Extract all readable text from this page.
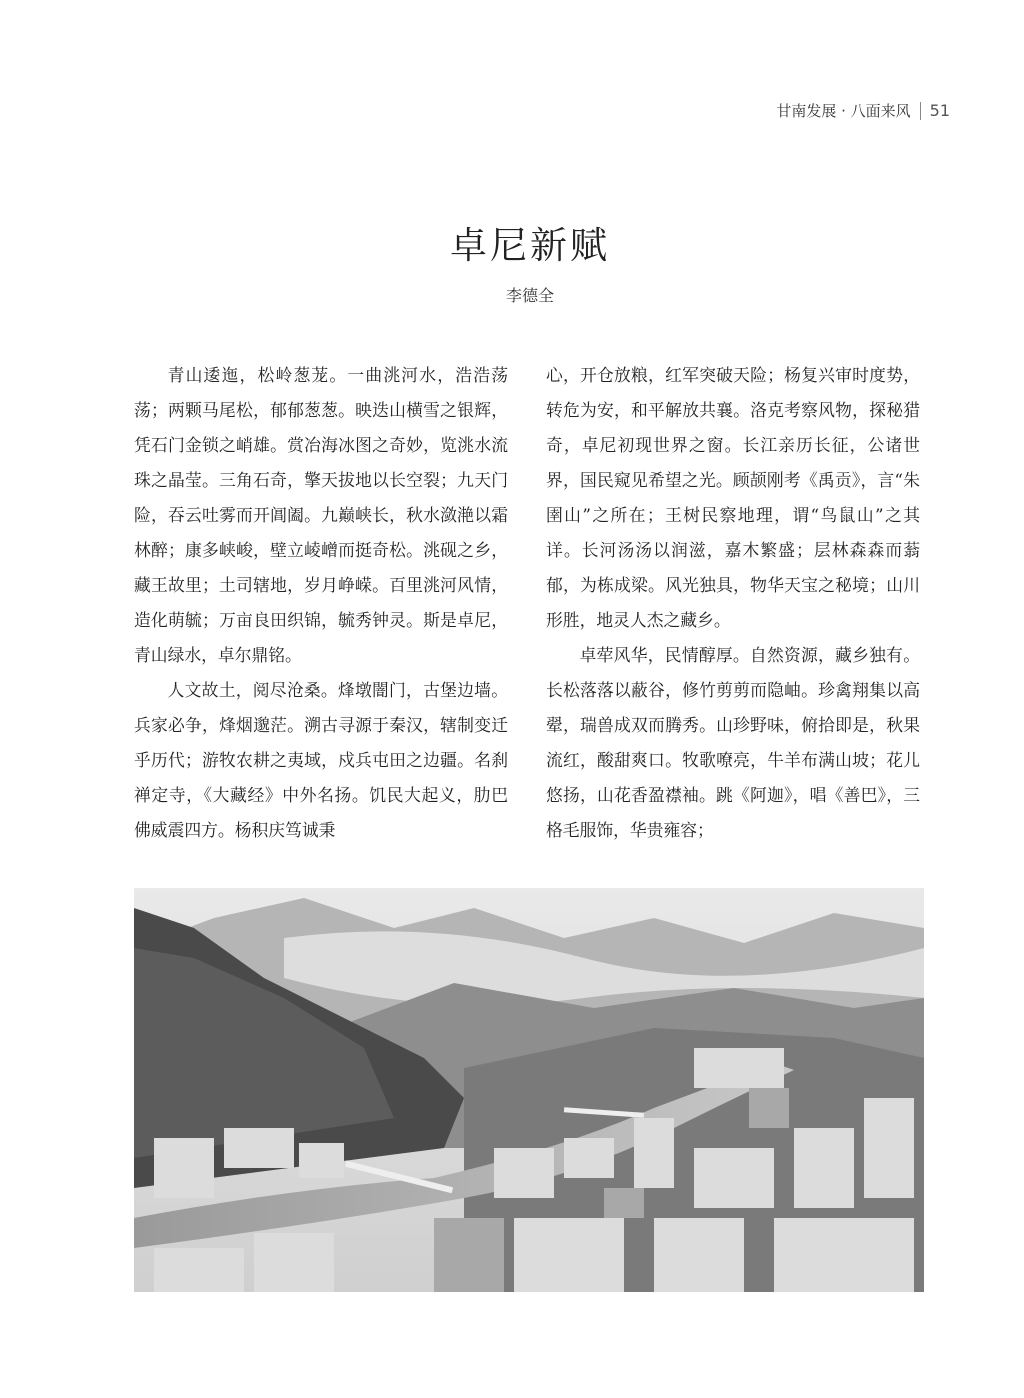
甘南发展 · 八面来风 51
卓尼新赋
李德全

青山逶迤，松岭葱茏。一曲洮河水，浩浩荡荡；两颗马尾松，郁郁葱葱。映迭山横雪之银辉，凭石门金锁之峭雄。赏冶海冰图之奇妙，览洮水流珠之晶莹。三角石奇，擎天拔地以长空裂；九天门险，吞云吐雾而开阊阖。九巅峡长，秋水潋滟以霜林醉；康多峡峻，壁立崚嶒而挺奇松。洮砚之乡，藏王故里；土司辖地，岁月峥嵘。百里洮河风情，造化萌毓；万亩良田织锦，毓秀钟灵。斯是卓尼，青山绿水，卓尔鼎铭。

人文故土，阅尽沧桑。烽墩闇门，古堡边墙。兵家必争，烽烟邈茫。溯古寻源于秦汉，辖制变迁乎历代；游牧农耕之夷域，戍兵屯田之边疆。名刹禅定寺，《大藏经》中外名扬。饥民大起义，肋巴佛威震四方。杨积庆笃诚秉

心，开仓放粮，红军突破天险；杨复兴审时度势，转危为安，和平解放共襄。洛克考察风物，探秘猎奇，卓尼初现世界之窗。长江亲历长征，公诸世界，国民窥见希望之光。顾颉刚考《禹贡》，言“朱圉山”之所在；王树民察地理，谓“鸟鼠山”之其详。长河汤汤以润滋，嘉木繁盛；层林森森而蓊郁，为栋成梁。风光独具，物华天宝之秘境；山川形胜，地灵人杰之藏乡。

卓荦风华，民情醇厚。自然资源，藏乡独有。长松落落以蔽谷，修竹剪剪而隐岫。珍禽翔集以高翚，瑞兽成双而腾秀。山珍野味，俯拾即是，秋果流红，酸甜爽口。牧歌嘹亮，牛羊布满山坡；花儿悠扬，山花香盈襟袖。跳《阿迦》，唱《善巴》，三格毛服饰，华贵雍容；
